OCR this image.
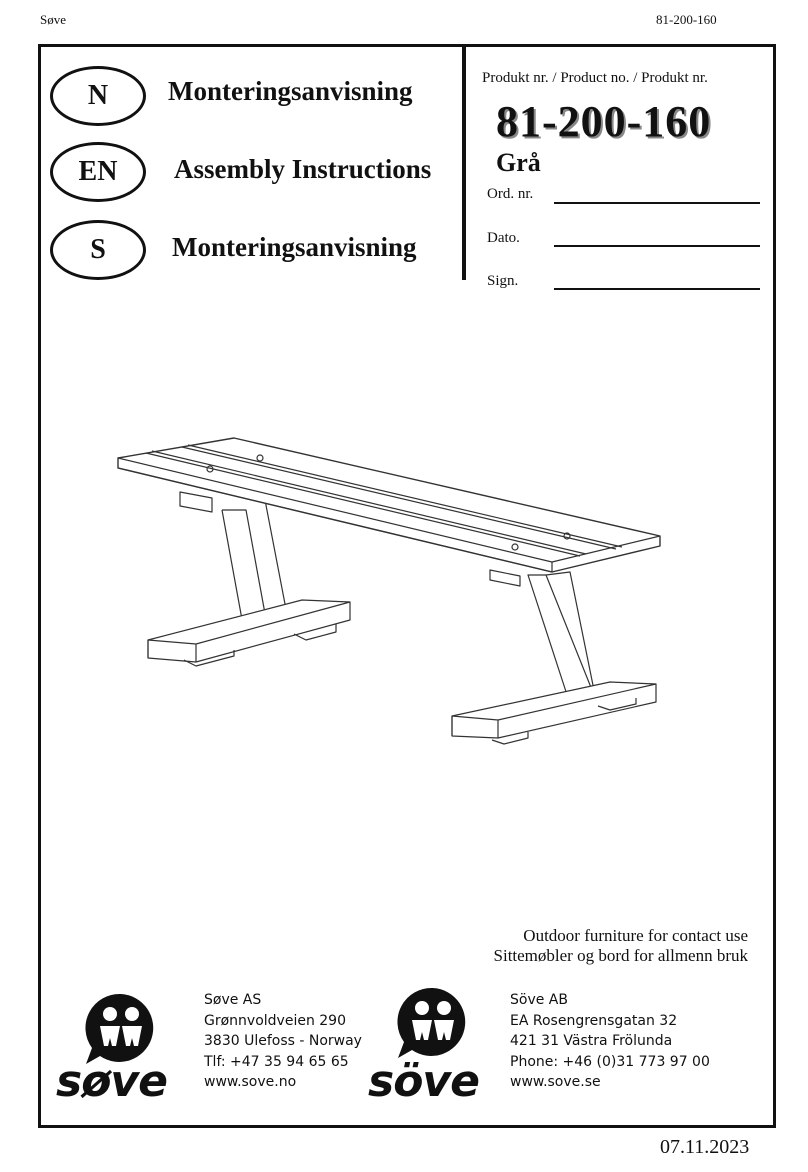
Søve	81-200-160
N Monteringsanvisning
EN Assembly Instructions
S Monteringsanvisning
Produkt nr. / Product no. / Produkt nr.
81-200-160
Grå
Ord. nr.
Dato.
Sign.
Outdoor furniture for contact use
Sittemøbler og bord for allmenn bruk
søve
Søve AS
Grønnvoldveien 290
3830 Ulefoss - Norway
Tlf: +47 35 94 65 65
www.sove.no	söve
Söve AB
EA Rosengrensgatan 32
421 31 Västra Frölunda
Phone: +46 (0)31 773 97 00
www.sove.se
07.11.2023
